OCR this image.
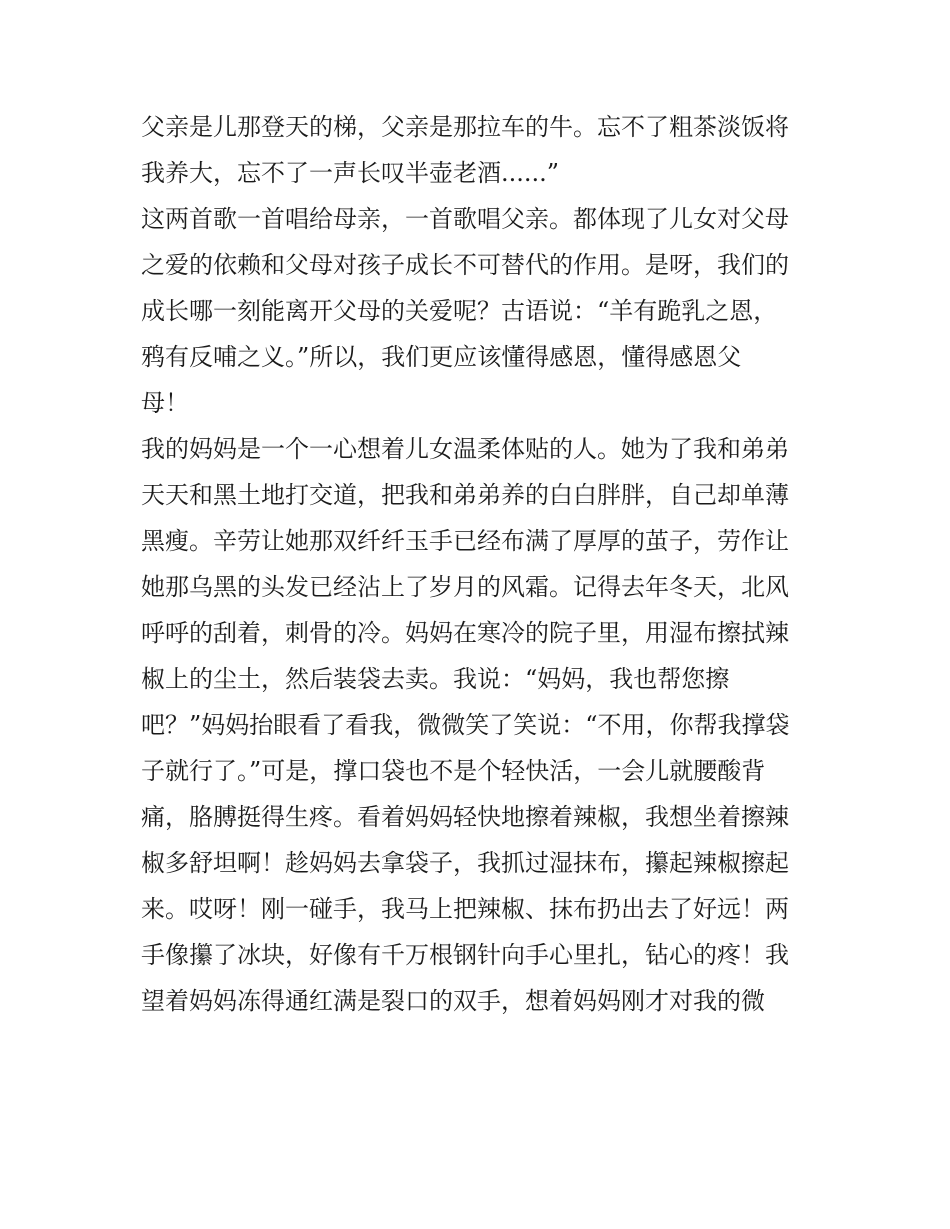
父亲是儿那登天的梯，父亲是那拉车的牛。忘不了粗茶淡饭将
我养大，忘不了一声长叹半壶老酒......”
这两首歌一首唱给母亲，一首歌唱父亲。都体现了儿女对父母
之爱的依赖和父母对孩子成长不可替代的作用。是呀，我们的
成长哪一刻能离开父母的关爱呢？古语说：“羊有跪乳之恩，
鸦有反哺之义。”所以，我们更应该懂得感恩，懂得感恩父
母！
我的妈妈是一个一心想着儿女温柔体贴的人。她为了我和弟弟
天天和黑土地打交道，把我和弟弟养的白白胖胖，自己却单薄
黑瘦。辛劳让她那双纤纤玉手已经布满了厚厚的茧子，劳作让
她那乌黑的头发已经沾上了岁月的风霜。记得去年冬天，北风
呼呼的刮着，刺骨的冷。妈妈在寒冷的院子里，用湿布擦拭辣
椒上的尘土，然后装袋去卖。我说：“妈妈，我也帮您擦
吧？”妈妈抬眼看了看我，微微笑了笑说：“不用，你帮我撑袋
子就行了。”可是，撑口袋也不是个轻快活，一会儿就腰酸背
痛，胳膊挺得生疼。看着妈妈轻快地擦着辣椒，我想坐着擦辣
椒多舒坦啊！趁妈妈去拿袋子，我抓过湿抹布，攥起辣椒擦起
来。哎呀！刚一碰手，我马上把辣椒、抹布扔出去了好远！两
手像攥了冰块，好像有千万根钢针向手心里扎，钻心的疼！我
望着妈妈冻得通红满是裂口的双手，想着妈妈刚才对我的微
